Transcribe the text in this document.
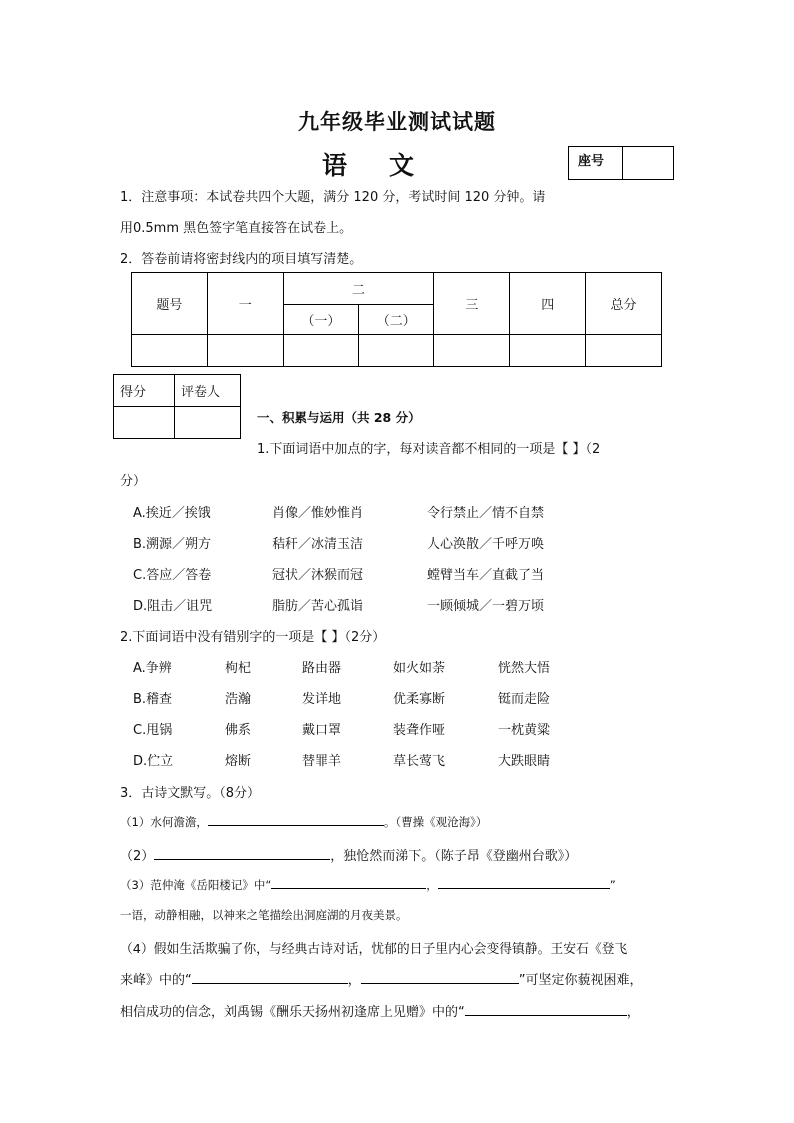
九年级毕业测试试题
语 文	座号
1．注意事项：本试卷共四个大题，满分 120 分，考试时间 120 分钟。请
用0.5mm 黑色签字笔直接答在试卷上。
2．答卷前请将密封线内的项目填写清楚。
题号	一	二		三	四	总分
		（一）	（二）			

得分	评卷人

一、积累与运用（共 28 分）
1.下面词语中加点的字，每对读音都不相同的一项是【 】（2
分）
A.挨近／挨饿	肖像／惟妙惟肖	令行禁止／情不自禁
B.溯源／朔方	秸秆／冰清玉洁	人心涣散／千呼万唤
C.答应／答卷	冠状／沐猴而冠	螳臂当车／直截了当
D.阻击／诅咒	脂肪／苦心孤诣	一顾倾城／一碧万顷
2.下面词语中没有错别字的一项是【 】（2分）
A.争辨	枸杞	路由器	如火如荼	恍然大悟
B.稽查	浩瀚	发详地	优柔寡断	铤而走险
C.甩锅	佛系	戴口罩	装聋作哑	一枕黄粱
D.伫立	熔断	替罪羊	草长莺飞	大跌眼睛
3．古诗文默写。（8分）
（1）水何澹澹，	。（曹操《观沧海》）
（2）	，独怆然而涕下。（陈子昂《登幽州台歌》）
（3）范仲淹《岳阳楼记》中“	，	”
一语，动静相融，以神来之笔描绘出洞庭湖的月夜美景。
（4）假如生活欺骗了你，与经典古诗对话，忧郁的日子里内心会变得镇静。王安石《登飞
来峰》中的“	，	”可坚定你藐视困难，
相信成功的信念，刘禹锡《酬乐天扬州初逢席上见赠》中的“	，
